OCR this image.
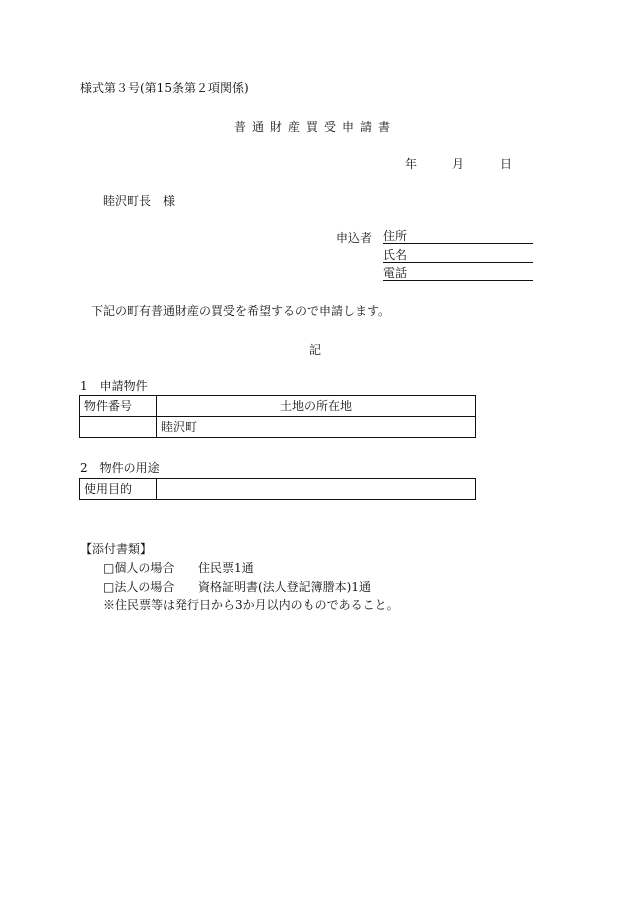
様式第３号(第15条第２項関係)
普通財産買受申請書
年	月	日
睦沢町長　様
申込者 住所
氏名
電話
下記の町有普通財産の買受を希望するので申請します。
記
1　申請物件
物件番号	土地の所在地
	睦沢町
2　物件の用途
使用目的	
【添付書類】
□個人の場合 住民票1通
□法人の場合 資格証明書(法人登記簿謄本)1通
※住民票等は発行日から3か月以内のものであること。
